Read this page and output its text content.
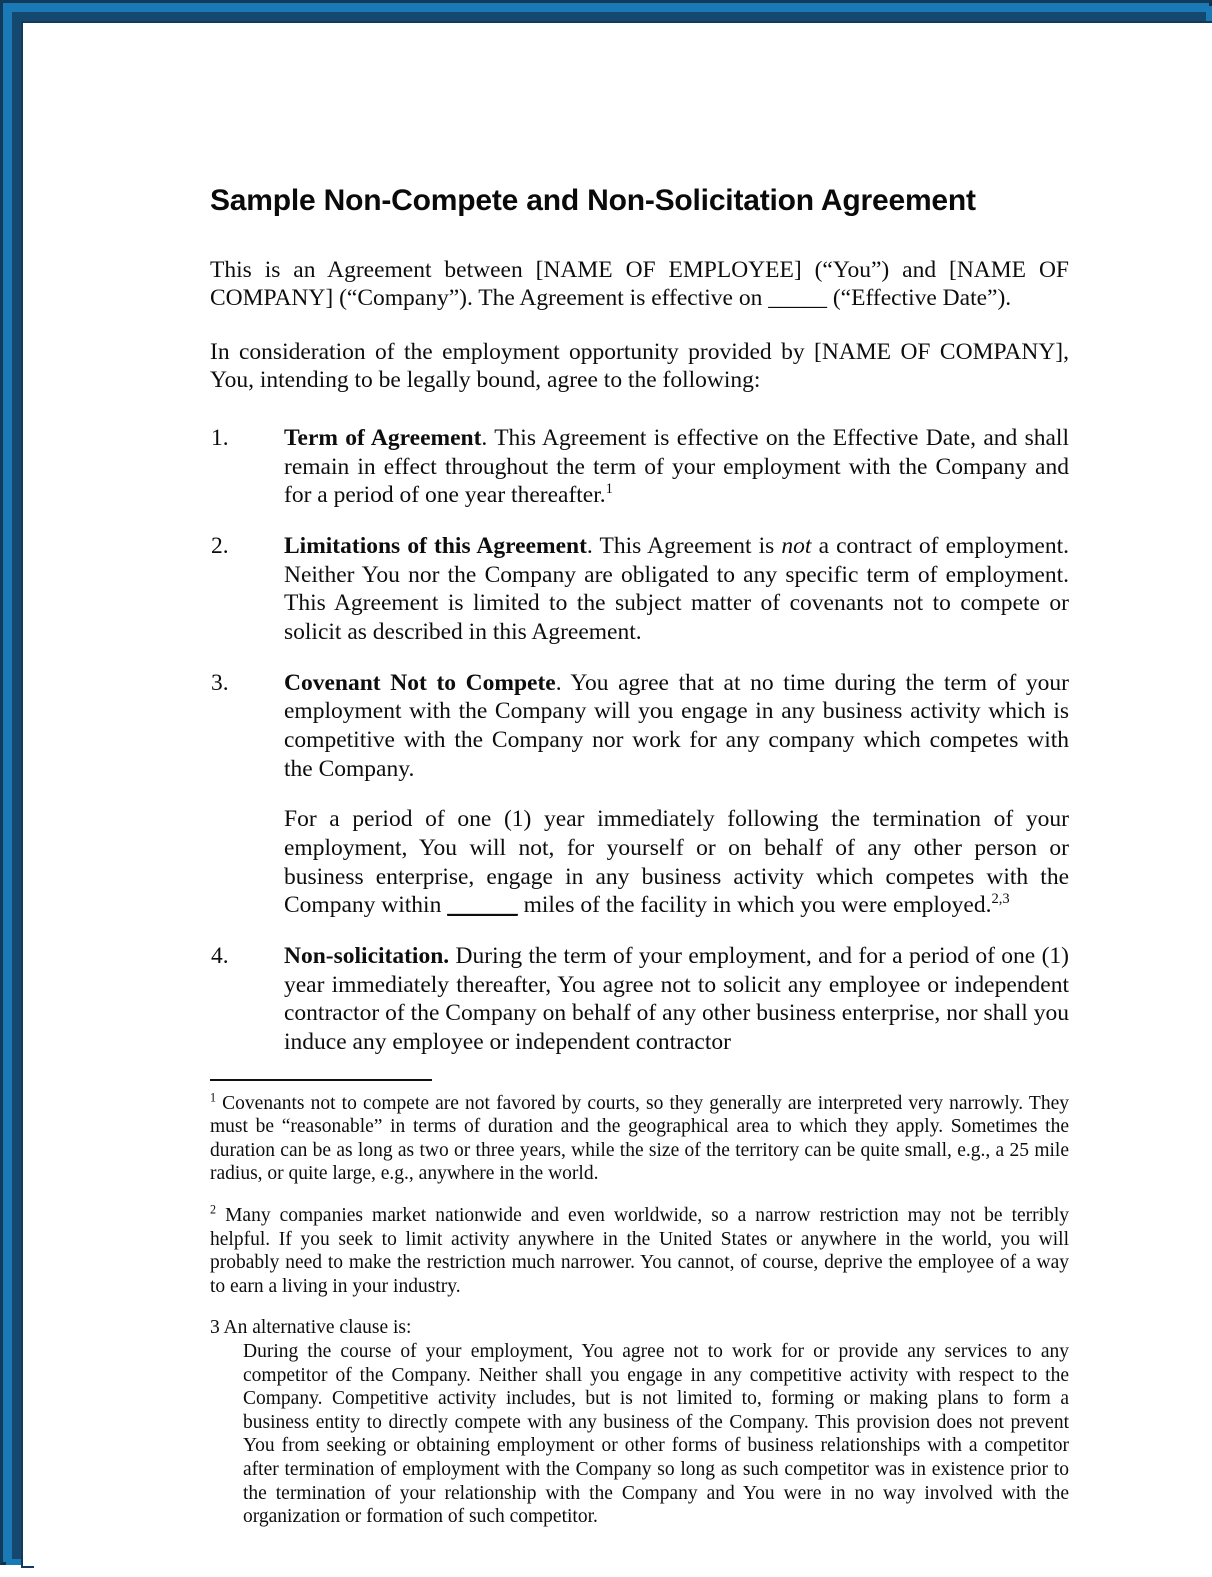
Sample Non-Compete and Non-Solicitation Agreement

This is an Agreement between [NAME OF EMPLOYEE] (“You”) and [NAME OF COMPANY] (“Company”). The Agreement is effective on _____ (“Effective Date”).

In consideration of the employment opportunity provided by [NAME OF COMPANY], You, intending to be legally bound, agree to the following:

1.	Term of Agreement. This Agreement is effective on the Effective Date, and shall remain in effect throughout the term of your employment with the Company and for a period of one year thereafter.$^1$
2.	Limitations of this Agreement. This Agreement is not a contract of employment. Neither You nor the Company are obligated to any specific term of employment. This Agreement is limited to the subject matter of covenants not to compete or solicit as described in this Agreement.
3.	Covenant Not to Compete. You agree that at no time during the term of your employment with the Company will you engage in any business activity which is competitive with the Company nor work for any company which competes with the Company.
For a period of one (1) year immediately following the termination of your employment, You will not, for yourself or on behalf of any other person or business enterprise, engage in any business activity which competes with the Company within ______ miles of the facility in which you were employed.$^{2,3}$
4.	Non-solicitation. During the term of your employment, and for a period of one (1) year immediately thereafter, You agree not to solicit any employee or independent contractor of the Company on behalf of any other business enterprise, nor shall you induce any employee or independent contractor

$^1$ Covenants not to compete are not favored by courts, so they generally are interpreted very narrowly. They must be “reasonable” in terms of duration and the geographical area to which they apply. Sometimes the duration can be as long as two or three years, while the size of the territory can be quite small, e.g., a 25 mile radius, or quite large, e.g., anywhere in the world.

$^2$ Many companies market nationwide and even worldwide, so a narrow restriction may not be terribly helpful. If you seek to limit activity anywhere in the United States or anywhere in the world, you will probably need to make the restriction much narrower. You cannot, of course, deprive the employee of a way to earn a living in your industry.

3 An alternative clause is:

During the course of your employment, You agree not to work for or provide any services to any competitor of the Company. Neither shall you engage in any competitive activity with respect to the Company. Competitive activity includes, but is not limited to, forming or making plans to form a business entity to directly compete with any business of the Company. This provision does not prevent You from seeking or obtaining employment or other forms of business relationships with a competitor after termination of employment with the Company so long as such competitor was in existence prior to the termination of your relationship with the Company and You were in no way involved with the organization or formation of such competitor.
